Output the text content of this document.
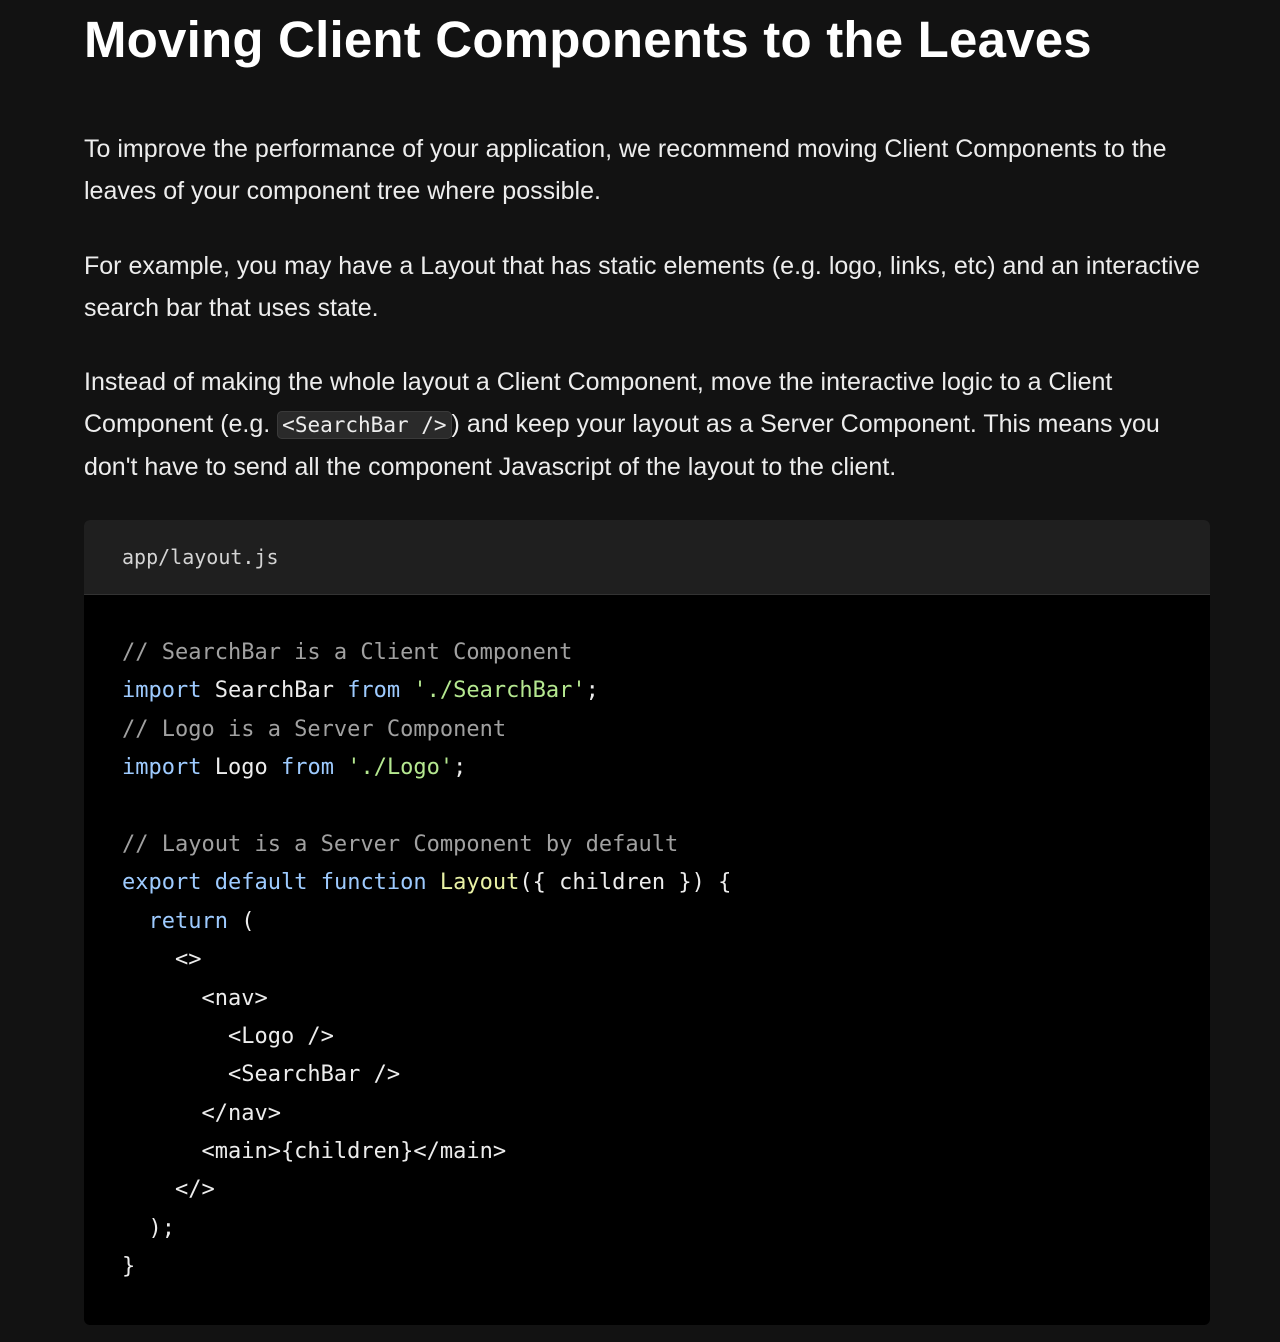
Moving Client Components to the Leaves

To improve the performance of your application, we recommend moving Client Components to the leaves of your component tree where possible.

For example, you may have a Layout that has static elements (e.g. logo, links, etc) and an interactive search bar that uses state.

Instead of making the whole layout a Client Component, move the interactive logic to a Client Component (e.g. <SearchBar /> ) and keep your layout as a Server Component. This means you don't have to send all the component Javascript of the layout to the client.

app/layout.js
// SearchBar is a Client Component
import SearchBar from './SearchBar';
// Logo is a Server Component
import Logo from './Logo';

// Layout is a Server Component by default
export default function Layout({ children }) {
return (
<>
<nav>
<Logo />
<SearchBar />
</nav>
<main>{children}</main>
</>
);
}
